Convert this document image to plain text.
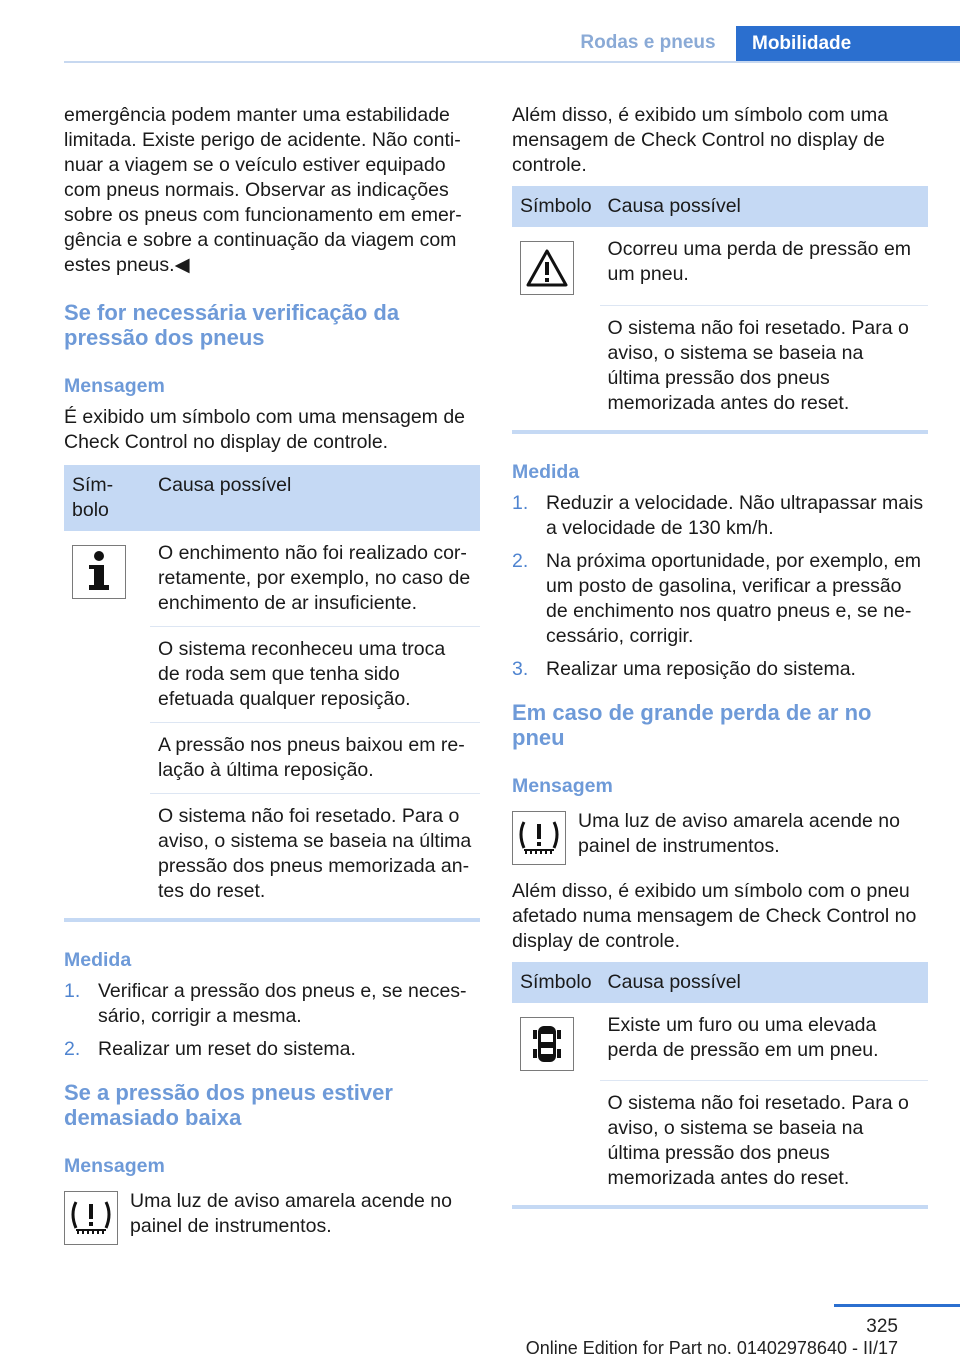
Rodas e pneus	Mobilidade

emergência podem manter uma estabilidade limitada. Existe perigo de acidente. Não continuar a viagem se o veículo estiver equipado com pneus normais. Observar as indicações sobre os pneus com funcionamento em emergência e sobre a continuação da viagem com estes pneus.◀

Se for necessária verificação da pressão dos pneus
Mensagem

É exibido um símbolo com uma mensagem de Check Control no display de controle.

Símbolo	Causa possível

	O enchimento não foi realizado corretamente, por exemplo, no caso de enchimento de ar insuficiente.
	O sistema reconheceu uma troca de roda sem que tenha sido efetuada qualquer reposição.
	A pressão nos pneus baixou em relação à última reposição.
	O sistema não foi resetado. Para o aviso, o sistema se baseia na última pressão dos pneus memorizada antes do reset.
Medida
1. Verificar a pressão dos pneus e, se necessário, corrigir a mesma.
2. Realizar um reset do sistema.
Se a pressão dos pneus estiver demasiado baixa
Mensagem

Uma luz de aviso amarela acende no painel de instrumentos.

Além disso, é exibido um símbolo com uma mensagem de Check Control no display de controle.

Símbolo	Causa possível

	Ocorreu uma perda de pressão em um pneu.
	O sistema não foi resetado. Para o aviso, o sistema se baseia na última pressão dos pneus memorizada antes do reset.
Medida
1. Reduzir a velocidade. Não ultrapassar mais a velocidade de 130 km/h.
2. Na próxima oportunidade, por exemplo, em um posto de gasolina, verificar a pressão de enchimento nos quatro pneus e, se necessário, corrigir.
3. Realizar uma reposição do sistema.
Em caso de grande perda de ar no pneu
Mensagem

Uma luz de aviso amarela acende no painel de instrumentos.

Além disso, é exibido um símbolo com o pneu afetado numa mensagem de Check Control no display de controle.

Símbolo	Causa possível

	Existe um furo ou uma elevada perda de pressão em um pneu.
	O sistema não foi resetado. Para o aviso, o sistema se baseia na última pressão dos pneus memorizada antes do reset.
325
Online Edition for Part no. 01402978640 - II/17
